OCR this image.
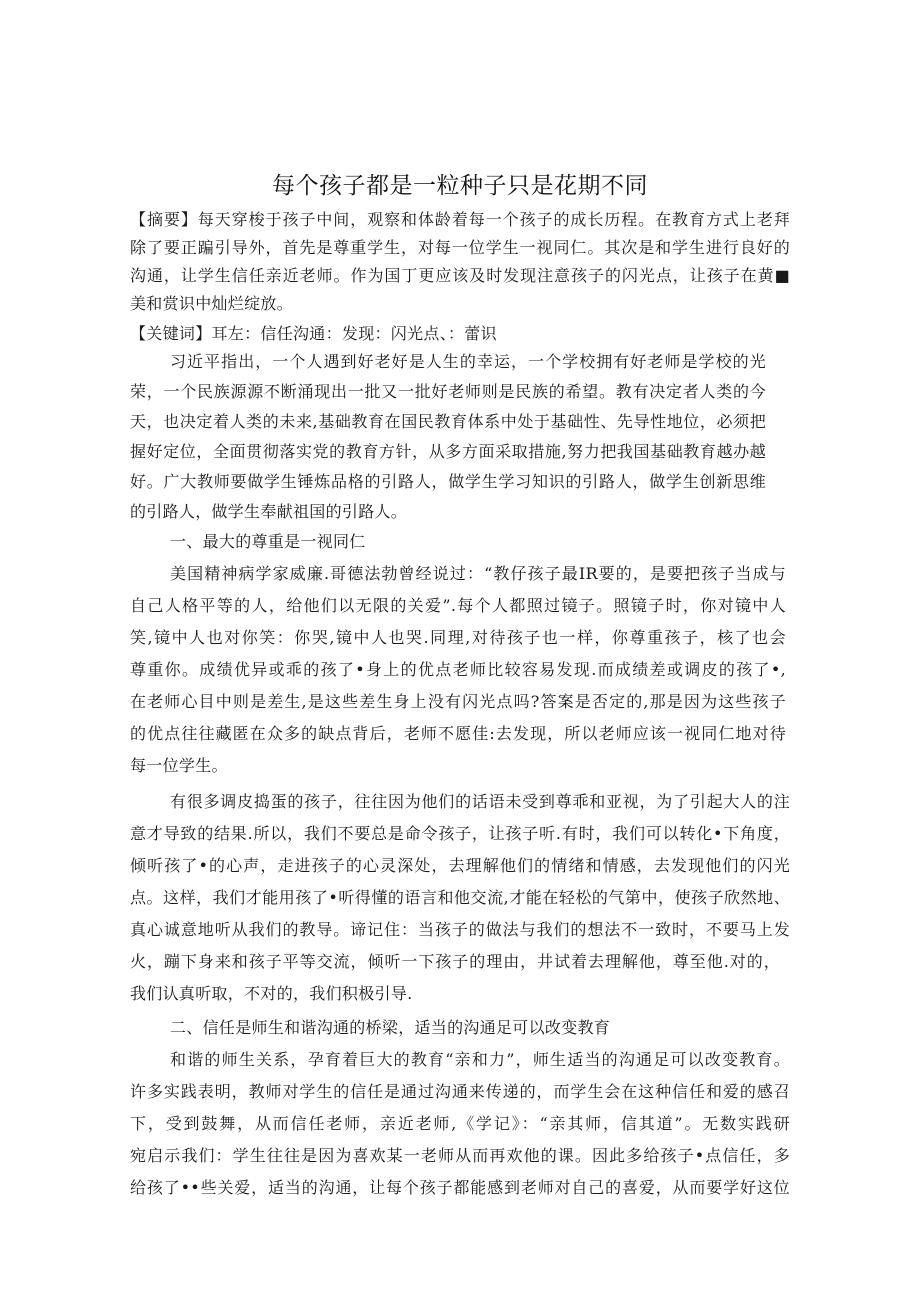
每个孩子都是一粒种子只是花期不同
【摘要】每天穿梭于孩子中间，观察和体龄着每一个孩子的成长历程。在教育方式上老拜
除了要正蹁引导外，首先是尊重学生，对每一位学生一视同仁。其次是和学生进行良好的
沟通，让学生信任亲近老师。作为国丁更应该及时发现注意孩子的闪光点，让孩子在黄■
美和赏识中灿烂绽放。
【关键词】耳左：信任沟通：发现：闪光点、：蕾识
习近平指出，一个人遇到好老好是人生的幸运，一个学校拥有好老师是学校的光
荣，一个民族源源不断涌现出一批又一批好老师则是民族的希望。教有决定者人类的今
天，也决定着人类的未来,基础教育在国民教育体系中处于基础性、先导性地位，必须把
握好定位，全面贯彻落实党的教育方针，从多方面采取措施,努力把我国基础教育越办越
好。广大教师要做学生锤炼品格的引路人，做学生学习知识的引路人，做学生创新思维
的引路人，做学生奉献祖国的引路人。
一、最大的尊重是一视同仁
美国精神病学家威廉.哥德法勃曾经说过：“教仔孩子最IR要的，是要把孩子当成与
自己人格平等的人，给他们以无限的关爱”.每个人都照过镜子。照镜子时，你对镜中人
笑,镜中人也对你笑：你哭,镜中人也哭.同理,对待孩子也一样，你尊重孩子，核了也会
尊重你。成绩优异或乖的孩了•身上的优点老师比较容易发现.而成绩差或调皮的孩了•,
在老师心目中则是差生,是这些差生身上没有闪光点吗?答案是否定的,那是因为这些孩子
的优点往往藏匿在众多的缺点背后，老师不愿佳:去发现，所以老师应该一视同仁地对待
每一位学生。
有很多调皮捣蛋的孩子，往往因为他们的话语未受到尊乖和亚视，为了引起大人的注
意才导致的结果.所以，我们不要总是命令孩子，让孩子听.有时，我们可以转化•下角度，
倾听孩了•的心声，走进孩子的心灵深处，去理解他们的情绪和情感，去发现他们的闪光
点。这样，我们才能用孩了•听得懂的语言和他交流,才能在轻松的气第中，使孩子欣然地、
真心诚意地听从我们的教导。谛记住：当孩子的做法与我们的想法不一致时，不要马上发
火，蹦下身来和孩子平等交流，倾听一下孩子的理由，井试着去理解他，尊至他.对的，
我们认真听取，不对的，我们积极引导.
二、信任是师生和谐沟通的桥梁，适当的沟通足可以改变教育
和谐的师生关系，孕育着巨大的教育“亲和力”，师生适当的沟通足可以改变教育。
许多实践表明，教师对学生的信任是通过沟通来传递的，而学生会在这种信任和爱的感召
下，受到鼓舞，从而信任老师，亲近老师,《学记》：“亲其师，信其道”。无数实践研
宛启示我们：学生往往是因为喜欢某一老师从而再欢他的课。因此多给孩子•点信任，多
给孩了••些关爱，适当的沟通，让每个孩子都能感到老师对自己的喜爱，从而要学好这位
